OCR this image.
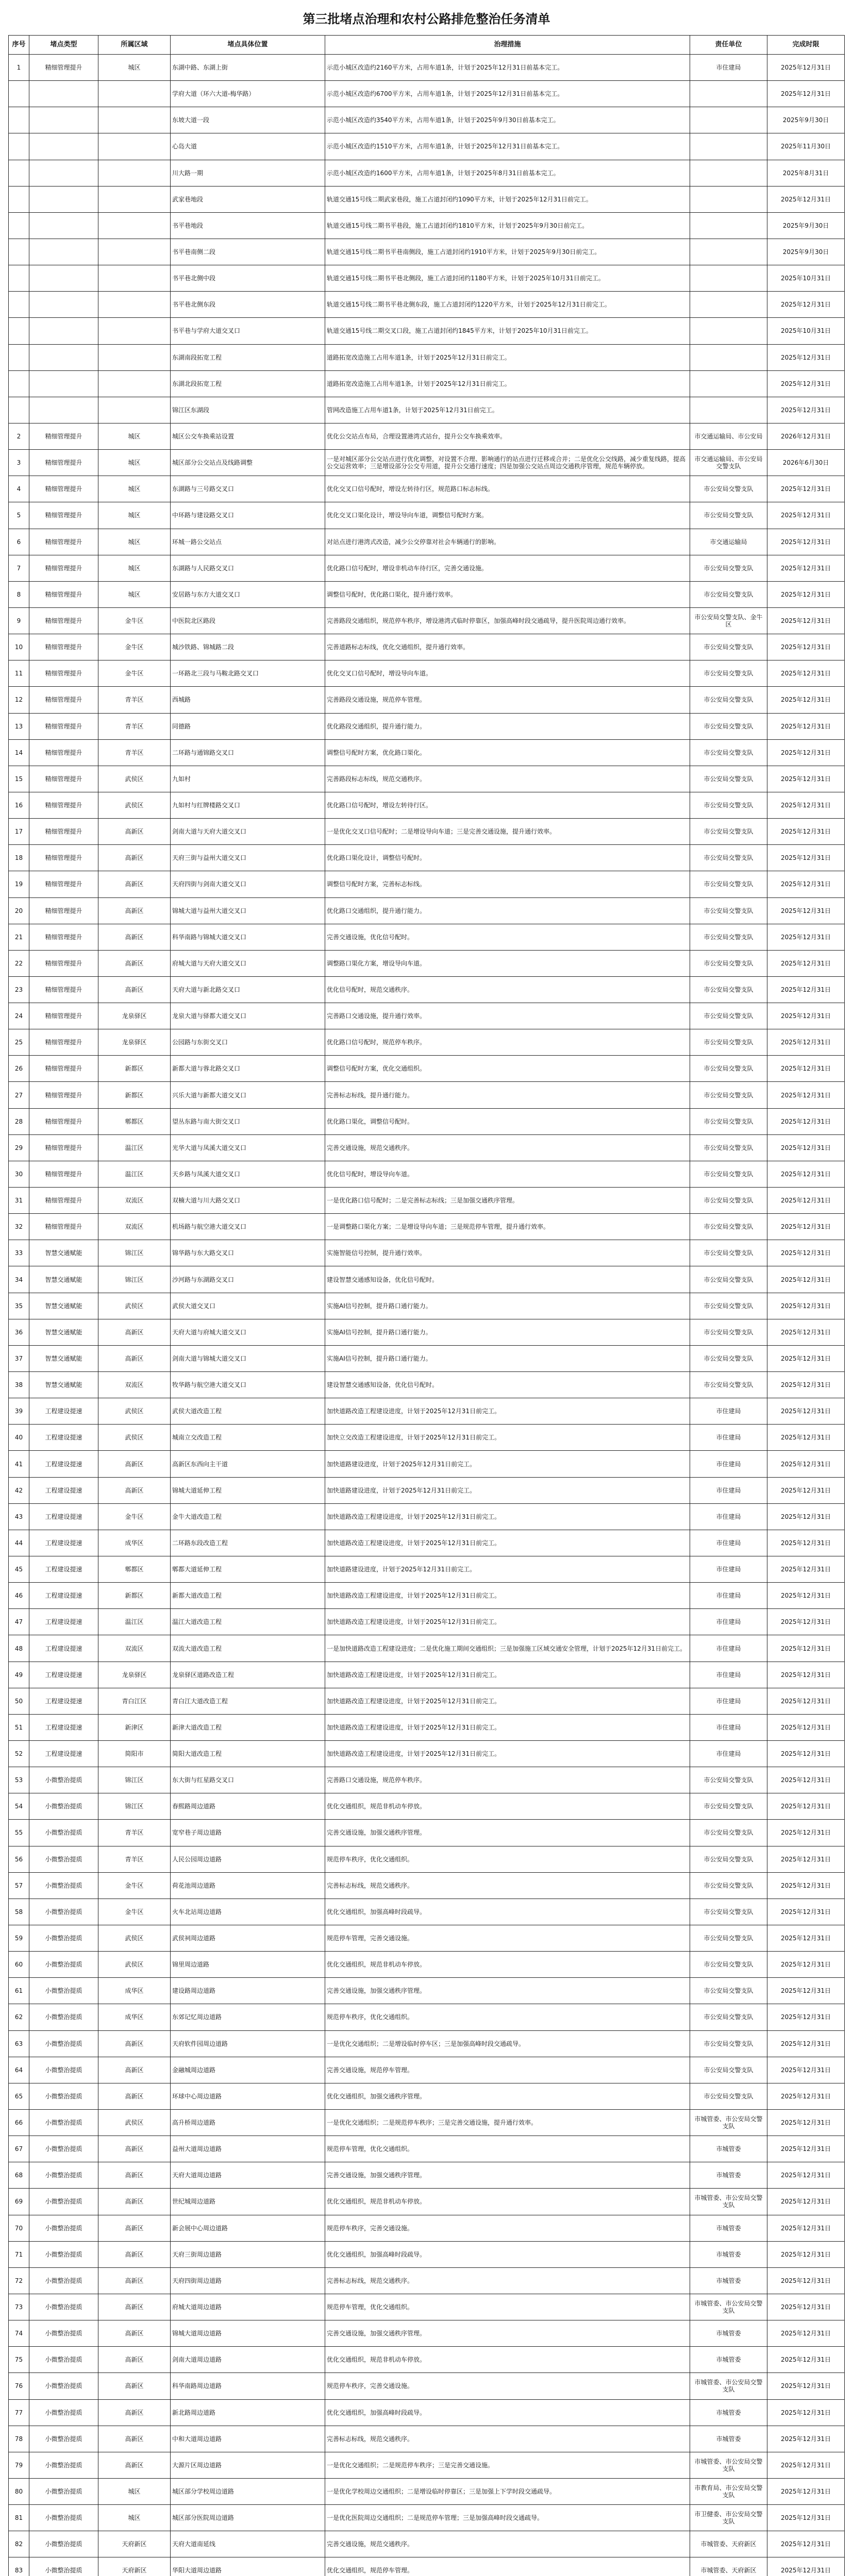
第三批堵点治理和农村公路排危整治任务清单
序号	堵点类型	所属区域	堵点具体位置	治理措施	责任单位	完成时限
1	精细管理提升	城区	东湖中路、东湖上街	示范小城区改造约2160平方米，占用车道1条，计划于2025年12月31日前基本完工。	市住建局	2025年12月31日
			学府大道（环六大道-梅华路）	示范小城区改造约6700平方米，占用车道1条，计划于2025年12月31日前基本完工。		2025年12月31日
			东坡大道一段	示范小城区改造约3540平方米，占用车道1条，计划于2025年9月30日前基本完工。		2025年9月30日
			心岛大道	示范小城区改造约1510平方米，占用车道1条，计划于2025年12月31日前基本完工。		2025年11月30日
			川大路一期	示范小城区改造约1600平方米，占用车道1条，计划于2025年8月31日前基本完工。		2025年8月31日
			武家巷地段	轨道交通15号线二期武家巷段，施工占道封闭约1090平方米，计划于2025年12月31日前完工。		2025年12月31日
			书平巷地段	轨道交通15号线二期书平巷段，施工占道封闭约1810平方米，计划于2025年9月30日前完工。		2025年9月30日
			书平巷南侧二段	轨道交通15号线二期书平巷南侧段，施工占道封闭约1910平方米，计划于2025年9月30日前完工。		2025年9月30日
			书平巷北侧中段	轨道交通15号线二期书平巷北侧段，施工占道封闭约1180平方米，计划于2025年10月31日前完工。		2025年10月31日
			书平巷北侧东段	轨道交通15号线二期书平巷北侧东段，施工占道封闭约1220平方米，计划于2025年12月31日前完工。		2025年12月31日
			书平巷与学府大道交叉口	轨道交通15号线二期交叉口段，施工占道封闭约1845平方米，计划于2025年10月31日前完工。		2025年10月31日
			东湖南段拓宽工程	道路拓宽改造施工占用车道1条，计划于2025年12月31日前完工。		2025年12月31日
			东湖北段拓宽工程	道路拓宽改造施工占用车道1条，计划于2025年12月31日前完工。		2025年12月31日
			锦江区东湖段	管网改造施工占用车道1条，计划于2025年12月31日前完工。		2025年12月31日
2	精细管理提升	城区	城区公交车换乘站设置	优化公交站点布局，合理设置港湾式站台，提升公交车换乘效率。	市交通运输局、市公安局	2026年12月31日
3	精细管理提升	城区	城区部分公交站点及线路调整	一是对城区部分公交站点进行优化调整，对设置不合理、影响通行的站点进行迁移或合并；二是优化公交线路，减少重复线路，提高公交运营效率；三是增设部分公交专用道，提升公交通行速度；四是加强公交站点周边交通秩序管理，规范车辆停放。	市交通运输局、市公安局交警支队	2026年6月30日
4	精细管理提升	城区	东湖路与三号路交叉口	优化交叉口信号配时，增设左转待行区，规范路口标志标线。	市公安局交警支队	2025年12月31日
5	精细管理提升	城区	中环路与建设路交叉口	优化交叉口渠化设计，增设导向车道，调整信号配时方案。	市公安局交警支队	2025年12月31日
6	精细管理提升	城区	环城一路公交站点	对站点进行港湾式改造，减少公交停靠对社会车辆通行的影响。	市交通运输局	2025年12月31日
7	精细管理提升	城区	东湖路与人民路交叉口	优化路口信号配时，增设非机动车待行区，完善交通设施。	市公安局交警支队	2025年12月31日
8	精细管理提升	城区	安居路与东方大道交叉口	调整信号配时，优化路口渠化，提升通行效率。	市公安局交警支队	2025年12月31日
9	精细管理提升	金牛区	中医院北区路段	完善路段交通组织，规范停车秩序，增设港湾式临时停靠区，加强高峰时段交通疏导，提升医院周边通行效率。	市公安局交警支队、金牛区	2025年12月31日
10	精细管理提升	金牛区	城沙铁路、锦城路二段	完善道路标志标线，优化交通组织，提升通行效率。	市公安局交警支队	2025年12月31日
11	精细管理提升	金牛区	一环路北三段与马鞍北路交叉口	优化交叉口信号配时，增设导向车道。	市公安局交警支队	2025年12月31日
12	精细管理提升	青羊区	西城路	完善路段交通设施，规范停车管理。	市公安局交警支队	2025年12月31日
13	精细管理提升	青羊区	同德路	优化路段交通组织，提升通行能力。	市公安局交警支队	2025年12月31日
14	精细管理提升	青羊区	二环路与通锦路交叉口	调整信号配时方案，优化路口渠化。	市公安局交警支队	2025年12月31日
15	精细管理提升	武侯区	九如村	完善路段标志标线，规范交通秩序。	市公安局交警支队	2025年12月31日
16	精细管理提升	武侯区	九如村与红牌楼路交叉口	优化路口信号配时，增设左转待行区。	市公安局交警支队	2025年12月31日
17	精细管理提升	高新区	剑南大道与天府大道交叉口	一是优化交叉口信号配时；二是增设导向车道；三是完善交通设施，提升通行效率。	市公安局交警支队	2025年12月31日
18	精细管理提升	高新区	天府三街与益州大道交叉口	优化路口渠化设计，调整信号配时。	市公安局交警支队	2025年12月31日
19	精细管理提升	高新区	天府四街与剑南大道交叉口	调整信号配时方案，完善标志标线。	市公安局交警支队	2025年12月31日
20	精细管理提升	高新区	锦城大道与益州大道交叉口	优化路口交通组织，提升通行能力。	市公安局交警支队	2025年12月31日
21	精细管理提升	高新区	科华南路与锦城大道交叉口	完善交通设施，优化信号配时。	市公安局交警支队	2025年12月31日
22	精细管理提升	高新区	府城大道与天府大道交叉口	调整路口渠化方案，增设导向车道。	市公安局交警支队	2025年12月31日
23	精细管理提升	高新区	天府大道与新北路交叉口	优化信号配时，规范交通秩序。	市公安局交警支队	2025年12月31日
24	精细管理提升	龙泉驿区	龙泉大道与驿都大道交叉口	完善路口交通设施，提升通行效率。	市公安局交警支队	2025年12月31日
25	精细管理提升	龙泉驿区	公园路与东街交叉口	优化路口信号配时，规范停车秩序。	市公安局交警支队	2025年12月31日
26	精细管理提升	新都区	新都大道与蓉北路交叉口	调整信号配时方案，优化交通组织。	市公安局交警支队	2025年12月31日
27	精细管理提升	新都区	兴乐大道与新都大道交叉口	完善标志标线，提升通行能力。	市公安局交警支队	2025年12月31日
28	精细管理提升	郫都区	望丛东路与南大街交叉口	优化路口渠化，调整信号配时。	市公安局交警支队	2025年12月31日
29	精细管理提升	温江区	光华大道与凤溪大道交叉口	完善交通设施，规范交通秩序。	市公安局交警支队	2025年12月31日
30	精细管理提升	温江区	天乡路与凤溪大道交叉口	优化信号配时，增设导向车道。	市公安局交警支队	2025年12月31日
31	精细管理提升	双流区	双楠大道与川大路交叉口	一是优化路口信号配时；二是完善标志标线；三是加强交通秩序管理。	市公安局交警支队	2025年12月31日
32	精细管理提升	双流区	机场路与航空港大道交叉口	一是调整路口渠化方案；二是增设导向车道；三是规范停车管理，提升通行效率。	市公安局交警支队	2025年12月31日
33	智慧交通赋能	锦江区	锦华路与东大路交叉口	实施智能信号控制，提升通行效率。	市公安局交警支队	2025年12月31日
34	智慧交通赋能	锦江区	沙河路与东湖路交叉口	建设智慧交通感知设备，优化信号配时。	市公安局交警支队	2025年12月31日
35	智慧交通赋能	武侯区	武侯大道交叉口	实施AI信号控制，提升路口通行能力。	市公安局交警支队	2025年12月31日
36	智慧交通赋能	高新区	天府大道与府城大道交叉口	实施AI信号控制，提升路口通行能力。	市公安局交警支队	2025年12月31日
37	智慧交通赋能	高新区	剑南大道与锦城大道交叉口	实施AI信号控制，提升路口通行能力。	市公安局交警支队	2025年12月31日
38	智慧交通赋能	双流区	牧华路与航空港大道交叉口	建设智慧交通感知设备，优化信号配时。	市公安局交警支队	2025年12月31日
39	工程建设提速	武侯区	武侯大道改造工程	加快道路改造工程建设进度，计划于2025年12月31日前完工。	市住建局	2025年12月31日
40	工程建设提速	武侯区	城南立交改造工程	加快立交改造工程建设进度，计划于2025年12月31日前完工。	市住建局	2025年12月31日
41	工程建设提速	高新区	高新区东西向主干道	加快道路建设进度，计划于2025年12月31日前完工。	市住建局	2025年12月31日
42	工程建设提速	高新区	锦城大道延伸工程	加快道路建设进度，计划于2025年12月31日前完工。	市住建局	2025年12月31日
43	工程建设提速	金牛区	金牛大道改造工程	加快道路改造工程建设进度，计划于2025年12月31日前完工。	市住建局	2025年12月31日
44	工程建设提速	成华区	二环路东段改造工程	加快道路改造工程建设进度，计划于2025年12月31日前完工。	市住建局	2025年12月31日
45	工程建设提速	郫都区	郫都大道延伸工程	加快道路建设进度，计划于2025年12月31日前完工。	市住建局	2025年12月31日
46	工程建设提速	新都区	新都大道改造工程	加快道路改造工程建设进度，计划于2025年12月31日前完工。	市住建局	2025年12月31日
47	工程建设提速	温江区	温江大道改造工程	加快道路改造工程建设进度，计划于2025年12月31日前完工。	市住建局	2025年12月31日
48	工程建设提速	双流区	双流大道改造工程	一是加快道路改造工程建设进度；二是优化施工期间交通组织；三是加强施工区域交通安全管理，计划于2025年12月31日前完工。	市住建局	2025年12月31日
49	工程建设提速	龙泉驿区	龙泉驿区道路改造工程	加快道路改造工程建设进度，计划于2025年12月31日前完工。	市住建局	2025年12月31日
50	工程建设提速	青白江区	青白江大道改造工程	加快道路改造工程建设进度，计划于2025年12月31日前完工。	市住建局	2025年12月31日
51	工程建设提速	新津区	新津大道改造工程	加快道路改造工程建设进度，计划于2025年12月31日前完工。	市住建局	2025年12月31日
52	工程建设提速	简阳市	简阳大道改造工程	加快道路改造工程建设进度，计划于2025年12月31日前完工。	市住建局	2025年12月31日
53	小微整治提质	锦江区	东大街与红星路交叉口	完善路口交通设施，规范停车秩序。	市公安局交警支队	2025年12月31日
54	小微整治提质	锦江区	春熙路周边道路	优化交通组织，规范非机动车停放。	市公安局交警支队	2025年12月31日
55	小微整治提质	青羊区	宽窄巷子周边道路	完善交通设施，加强交通秩序管理。	市公安局交警支队	2025年12月31日
56	小微整治提质	青羊区	人民公园周边道路	规范停车秩序，优化交通组织。	市公安局交警支队	2025年12月31日
57	小微整治提质	金牛区	荷花池周边道路	完善标志标线，规范交通秩序。	市公安局交警支队	2025年12月31日
58	小微整治提质	金牛区	火车北站周边道路	优化交通组织，加强高峰时段疏导。	市公安局交警支队	2025年12月31日
59	小微整治提质	武侯区	武侯祠周边道路	规范停车管理，完善交通设施。	市公安局交警支队	2025年12月31日
60	小微整治提质	武侯区	锦里周边道路	优化交通组织，规范非机动车停放。	市公安局交警支队	2025年12月31日
61	小微整治提质	成华区	建设路周边道路	完善交通设施，加强交通秩序管理。	市公安局交警支队	2025年12月31日
62	小微整治提质	成华区	东郊记忆周边道路	规范停车秩序，优化交通组织。	市公安局交警支队	2025年12月31日
63	小微整治提质	高新区	天府软件园周边道路	一是优化交通组织；二是增设临时停车区；三是加强高峰时段交通疏导。	市公安局交警支队	2025年12月31日
64	小微整治提质	高新区	金融城周边道路	完善交通设施，规范停车管理。	市公安局交警支队	2025年12月31日
65	小微整治提质	高新区	环球中心周边道路	优化交通组织，加强交通秩序管理。	市公安局交警支队	2025年12月31日
66	小微整治提质	武侯区	高升桥周边道路	一是优化交通组织；二是规范停车秩序；三是完善交通设施，提升通行效率。	市城管委、市公安局交警支队	2025年12月31日
67	小微整治提质	高新区	益州大道周边道路	规范停车管理，优化交通组织。	市城管委	2025年12月31日
68	小微整治提质	高新区	天府大道周边道路	完善交通设施，加强交通秩序管理。	市城管委	2025年12月31日
69	小微整治提质	高新区	世纪城周边道路	优化交通组织，规范非机动车停放。	市城管委、市公安局交警支队	2025年12月31日
70	小微整治提质	高新区	新会展中心周边道路	规范停车秩序，完善交通设施。	市城管委	2025年12月31日
71	小微整治提质	高新区	天府三街周边道路	优化交通组织，加强高峰时段疏导。	市城管委	2025年12月31日
72	小微整治提质	高新区	天府四街周边道路	完善标志标线，规范交通秩序。	市城管委	2025年12月31日
73	小微整治提质	高新区	府城大道周边道路	规范停车管理，优化交通组织。	市城管委、市公安局交警支队	2025年12月31日
74	小微整治提质	高新区	锦城大道周边道路	完善交通设施，加强交通秩序管理。	市城管委	2025年12月31日
75	小微整治提质	高新区	剑南大道周边道路	优化交通组织，规范非机动车停放。	市城管委	2025年12月31日
76	小微整治提质	高新区	科华南路周边道路	规范停车秩序，完善交通设施。	市城管委、市公安局交警支队	2025年12月31日
77	小微整治提质	高新区	新北路周边道路	优化交通组织，加强高峰时段疏导。	市城管委	2025年12月31日
78	小微整治提质	高新区	中和大道周边道路	完善标志标线，规范交通秩序。	市城管委	2025年12月31日
79	小微整治提质	高新区	大源片区周边道路	一是优化交通组织；二是规范停车秩序；三是完善交通设施。	市城管委、市公安局交警支队	2025年12月31日
80	小微整治提质	城区	城区部分学校周边道路	一是优化学校周边交通组织；二是增设临时停靠区；三是加强上下学时段交通疏导。	市教育局、市公安局交警支队	2025年12月31日
81	小微整治提质	城区	城区部分医院周边道路	一是优化医院周边交通组织；二是规范停车管理；三是加强高峰时段交通疏导。	市卫健委、市公安局交警支队	2025年12月31日
82	小微整治提质	天府新区	天府大道南延线	完善交通设施，规范交通秩序。	市城管委、天府新区	2025年12月31日
83	小微整治提质	天府新区	华阳大道周边道路	优化交通组织，规范停车管理。	市城管委、天府新区	2025年12月31日
